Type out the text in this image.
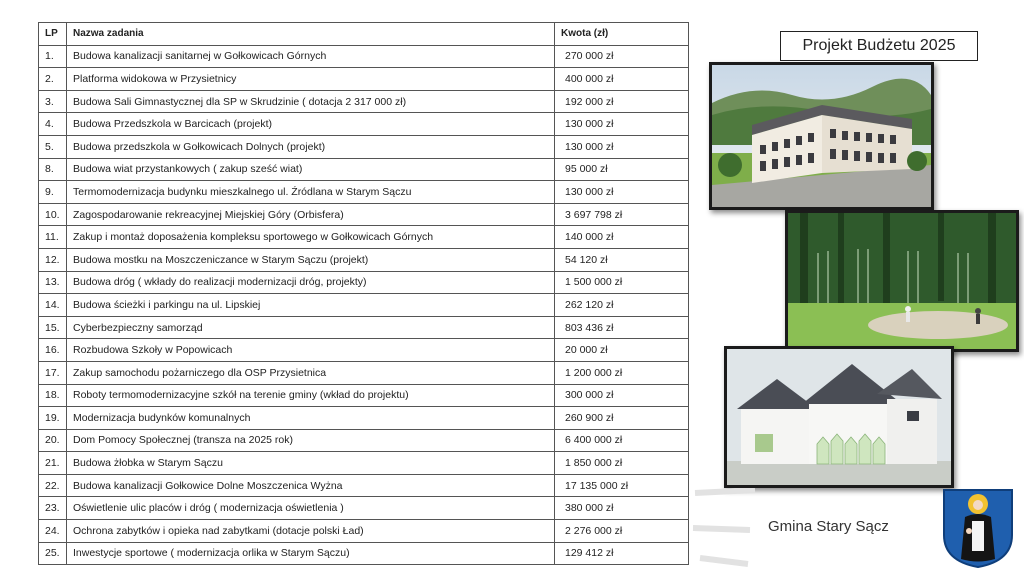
LP	Nazwa zadania	Kwota (zł)
1.	Budowa kanalizacji sanitarnej w Gołkowicach Górnych	270 000 zł
2.	Platforma widokowa w Przysietnicy	400 000 zł
3.	Budowa Sali Gimnastycznej dla SP w Skrudzinie ( dotacja 2 317 000 zł)	192 000 zł
4.	Budowa Przedszkola w Barcicach (projekt)	130 000 zł
5.	Budowa przedszkola w Gołkowicach Dolnych (projekt)	130 000 zł
8.	Budowa wiat przystankowych ( zakup sześć wiat)	95 000 zł
9.	Termomodernizacja budynku mieszkalnego ul. Źródlana w Starym Sączu	130 000 zł
10.	Zagospodarowanie rekreacyjnej Miejskiej Góry (Orbisfera)	3 697 798 zł
11.	Zakup i montaż doposażenia kompleksu sportowego w Gołkowicach Górnych	140 000 zł
12.	Budowa mostku na Moszczeniczance w Starym Sączu (projekt)	54 120 zł
13.	Budowa dróg ( wkłady do realizacji modernizacji dróg, projekty)	1 500 000 zł
14.	Budowa ścieżki i parkingu na ul. Lipskiej	262 120 zł
15.	Cyberbezpieczny samorząd	803 436 zł
16.	Rozbudowa Szkoły w Popowicach	20 000 zł
17.	Zakup samochodu pożarniczego dla OSP Przysietnica	1 200 000 zł
18.	Roboty termomodernizacyjne szkół na terenie gminy (wkład do projektu)	300 000 zł
19.	Modernizacja budynków komunalnych	260 900 zł
20.	Dom Pomocy Społecznej (transza na 2025 rok)	6 400 000 zł
21.	Budowa żłobka w Starym Sączu	1 850 000 zł
22.	Budowa kanalizacji Gołkowice Dolne Moszczenica Wyżna	17 135 000 zł
23.	Oświetlenie ulic placów i dróg ( modernizacja oświetlenia )	380 000 zł
24.	Ochrona zabytków i opieka nad zabytkami (dotacje polski Ład)	2 276 000 zł
25.	Inwestycje sportowe ( modernizacja orlika w Starym Sączu)	129 412 zł
Projekt Budżetu 2025
Gmina Stary Sącz
